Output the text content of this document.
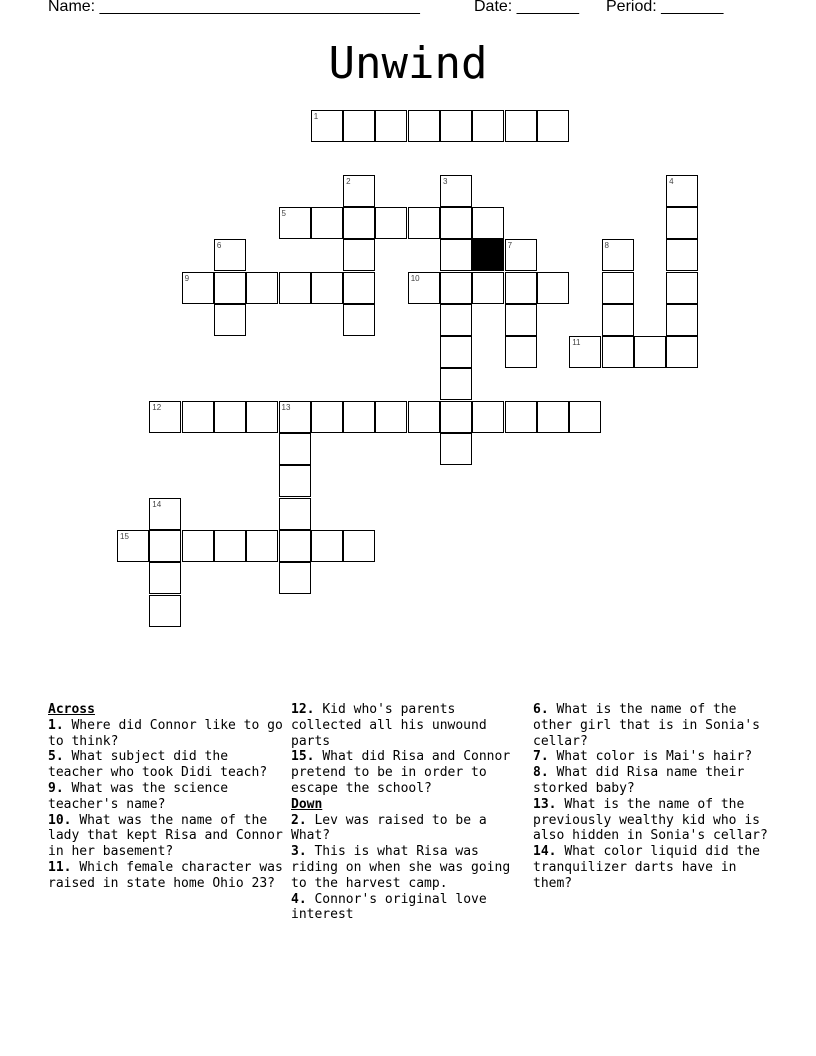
Name: ____________________________________	Date: _______ Period: _______
Unwind
1
5
9	10
11
12	13
15
2	3	4
6	7	8
14

Across

1. Where did Connor like to go to think?

5. What subject did the teacher who took Didi teach?

9. What was the science teacher's name?

10. What was the name of the lady that kept Risa and Connor in her basement?

11. Which female character was raised in state home Ohio 23?

12. Kid who's parents collected all his unwound parts

15. What did Risa and Connor pretend to be in order to escape the school?

Down

2. Lev was raised to be a What?

3. This is what Risa was riding on when she was going to the harvest camp.

4. Connor's original love interest

6. What is the name of the other girl that is in Sonia's cellar?

7. What color is Mai's hair?

8. What did Risa name their storked baby?

13. What is the name of the previously wealthy kid who is also hidden in Sonia's cellar?

14. What color liquid did the tranquilizer darts have in them?
